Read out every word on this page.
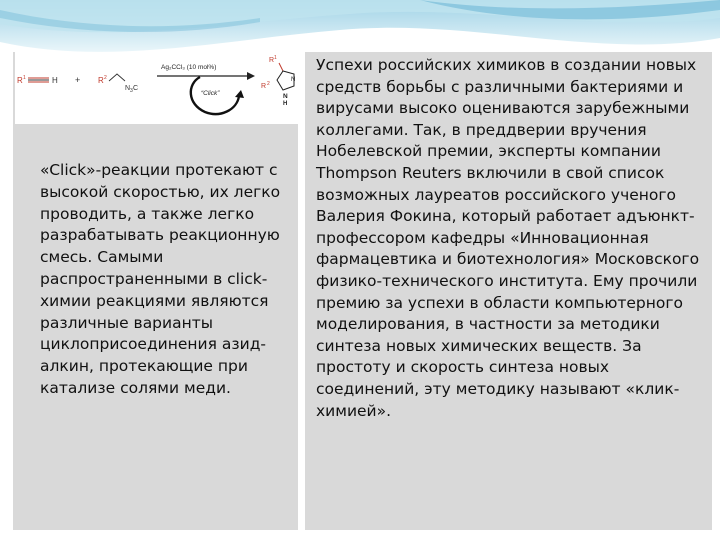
R 1	H + R 2
N 3 C
Ag₂CCl₃ (10 mol%)
“Click”
R 1
R 2
N
N
H
«Click»-реакции протекают с высокой скоростью, их легко проводить, а также легко разрабатывать реакционную смесь. Самыми распространенными в click-химии реакциями являются различные варианты циклоприсоединения азид-алкин, протекающие при катализе солями меди.
Успехи российских химиков в создании новых средств борьбы с различными бактериями и вирусами высоко оцениваются зарубежными коллегами. Так, в преддверии вручения Нобелевской премии, эксперты компании Thompson Reuters включили в свой список возможных лауреатов российского ученого Валерия Фокина, который работает адъюнкт-профессором кафедры «Инновационная фармацевтика и биотехнология» Московского физико-технического института. Ему прочили премию за успехи в области компьютерного моделирования, в частности за методики синтеза новых химических веществ. За простоту и скорость синтеза новых соединений, эту методику называют «клик-химией».
